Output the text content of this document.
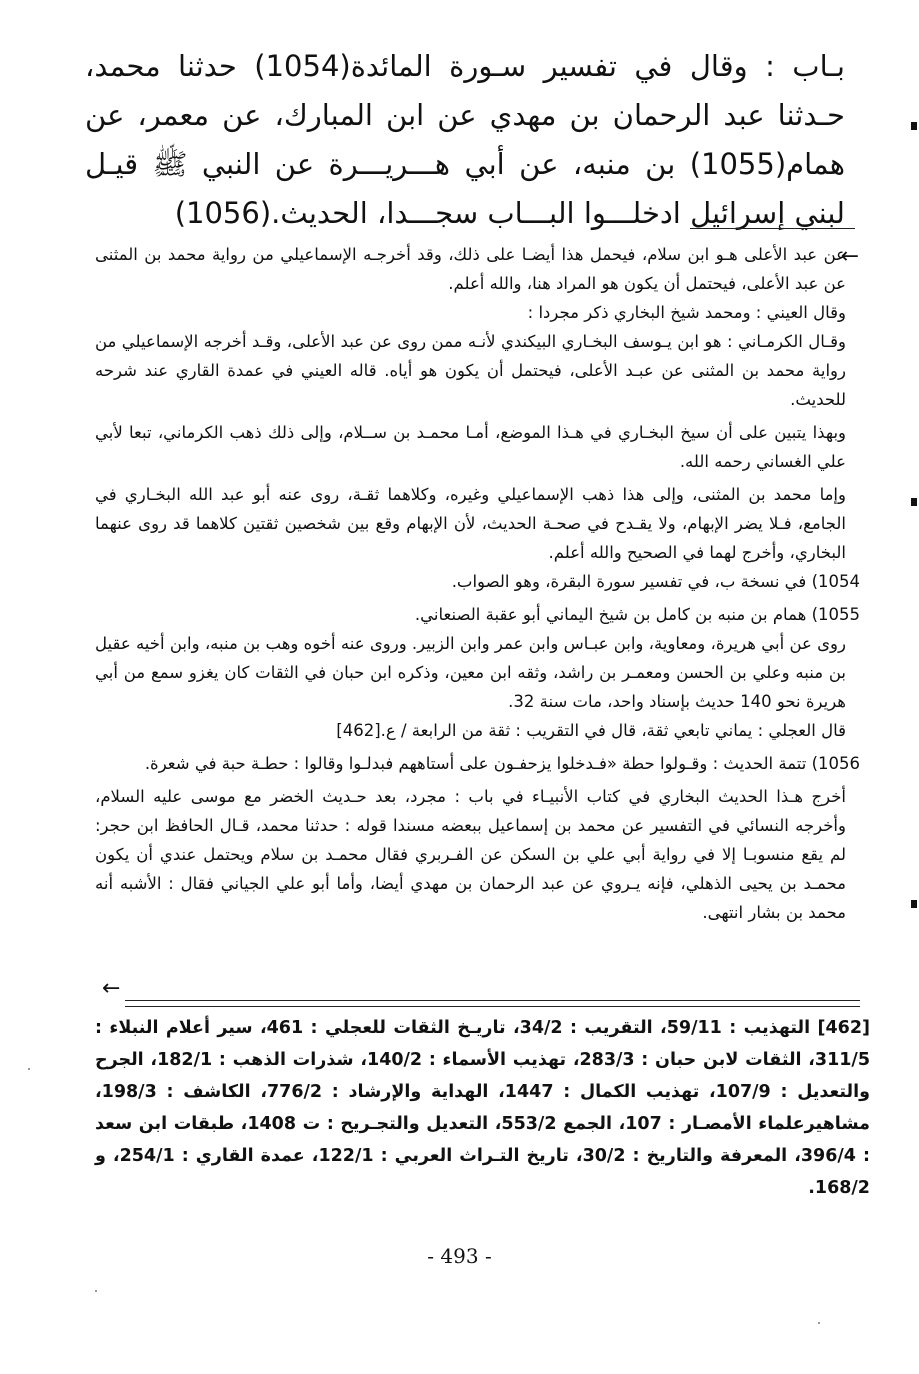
بـاب : وقال في تفسير سـورة المائدة(1054) حدثنا محمد، حـدثنا عبد الرحمان بن مهدي عن ابن المبارك، عن معمر، عن همام(1055) بن منبه، عن أبي هـــريـــرة عن النبي ﷺ قيـل لبني إسرائيل ادخلـــوا البـــاب سجـــدا، الحديث.(1056)

←

عن عبد الأعلى هـو ابن سلام، فيحمل هذا أيضـا على ذلك، وقد أخرجـه الإسماعيلي من رواية محمد بن المثنى عن عبد الأعلى، فيحتمل أن يكون هو المراد هنا، والله أعلم.

وقال العيني : ومحمد شيخ البخاري ذكر مجردا :

وقـال الكرمـاني : هو ابن يـوسف البخـاري البيكندي لأنـه ممن روى عن عبد الأعلى، وقـد أخرجه الإسماعيلي من رواية محمد بن المثنى عن عبـد الأعلى، فيحتمل أن يكون هو أياه. قاله العيني في عمدة القاري عند شرحه للحديث.

وبهذا يتبين على أن سيخ البخـاري في هـذا الموضع، أمـا محمـد بن ســلام، وإلى ذلك ذهب الكرماني، تبعا لأبي علي الغساني رحمه الله.

وإما محمد بن المثنى، وإلى هذا ذهب الإسماعيلي وغيره، وكلاهما ثقـة، روى عنه أبو عبد الله البخـاري في الجامع، فـلا يضر الإبهام، ولا يقـدح في صحـة الحديث، لأن الإبهام وقع بين شخصين ثقتين كلاهما قد روى عنهما البخاري، وأخرج لهما في الصحيح والله أعلم.

1054) في نسخة ب، في تفسير سورة البقرة، وهو الصواب.

1055) همام بن منبه بن كامل بن شيخ اليماني أبو عقبة الصنعاني.

روى عن أبي هريرة، ومعاوية، وابن عبـاس وابن عمر وابن الزبير. وروى عنه أخوه وهب بن منبه، وابن أخيه عقيل بن منبه وعلي بن الحسن ومعمـر بن راشد، وثقه ابن معين، وذكره ابن حبان في الثقات كان يغزو سمع من أبي هريرة نحو 140 حديث بإسناد واحد، مات سنة 32.

قال العجلي : يماني تابعي ثقة، قال في التقريب : ثقة من الرابعة / ع.[462]

1056) تتمة الحديث : وقـولوا حطة «فـدخلوا يزحفـون على أستاههم فبدلـوا وقالوا : حطـة حبة في شعرة.

أخرج هـذا الحديث البخاري في كتاب الأنبيـاء في باب : مجرد، بعد حـديث الخضر مع موسى عليه السلام، وأخرجه النسائي في التفسير عن محمد بن إسماعيل ببعضه مسندا قوله : حدثنا محمد، قـال الحافظ ابن حجر: لم يقع منسوبـا إلا في رواية أبي علي بن السكن عن الفـربري فقال محمـد بن سلام ويحتمل عندي أن يكون محمـد بن يحيى الذهلي، فإنه يـروي عن عبد الرحمان بن مهدي أيضا، وأما أبو علي الجياني فقال : الأشبه أنه محمد بن بشار انتهى.

←

[462] التهذيب : 59/11، التقريب : 34/2، تاريـخ الثقات للعجلي : 461، سير أعلام النبلاء : 311/5، الثقات لابن حبان : 283/3، تهذيب الأسماء : 140/2، شذرات الذهب : 182/1، الجرح والتعديل : 107/9، تهذيب الكمال : 1447، الهداية والإرشاد : 776/2، الكاشف : 198/3، مشاهيرعلماء الأمصـار : 107، الجمع 553/2، التعديل والتجـريح : ت 1408، طبقات ابن سعد : 396/4، المعرفة والتاريخ : 30/2، تاريخ التـراث العربي : 122/1، عمدة القاري : 254/1، و 168/2.

- 493 -
